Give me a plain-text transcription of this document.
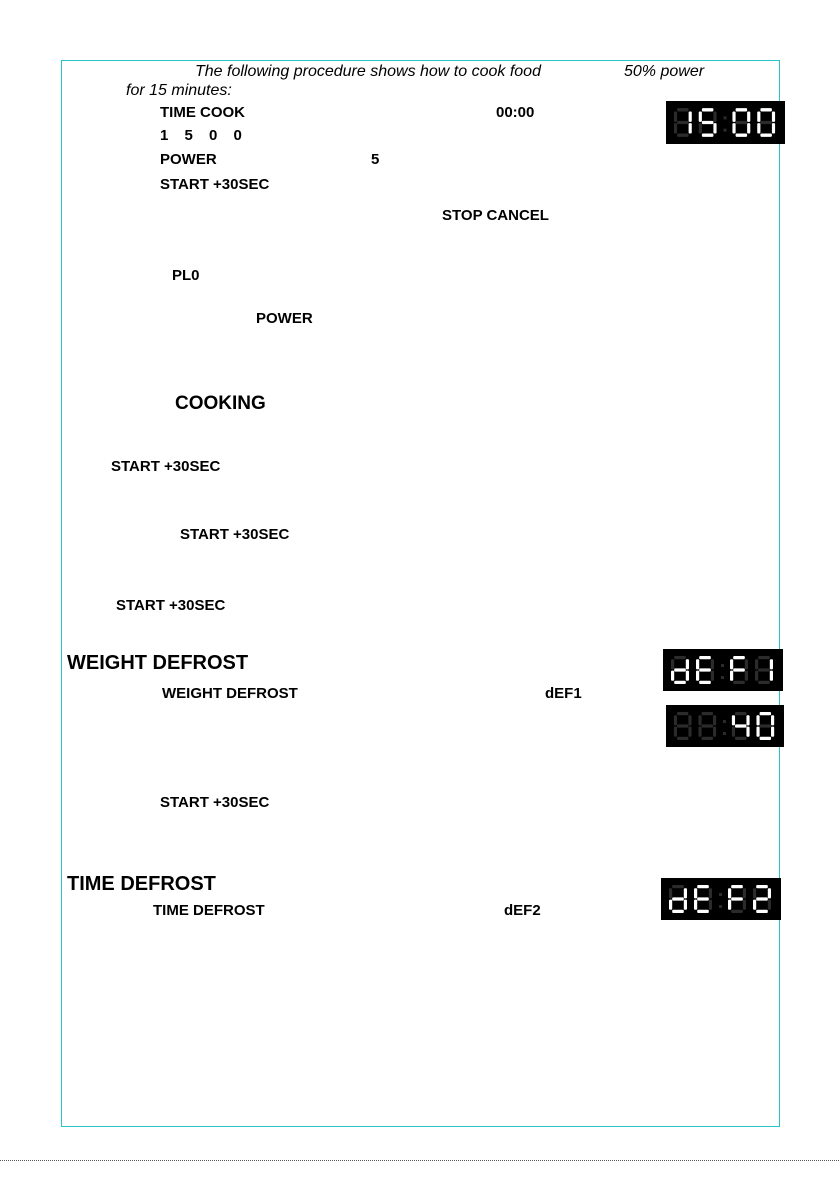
The following procedure shows how to cook food	50% power
for 15 minutes:
TIME COOK	00:00
1 5 0 0
POWER	5
START +30SEC
STOP CANCEL
PL0
POWER
COOKING
START +30SEC
START +30SEC
START +30SEC
WEIGHT DEFROST
WEIGHT DEFROST	dEF1
START +30SEC
TIME DEFROST
TIME DEFROST	dEF2
